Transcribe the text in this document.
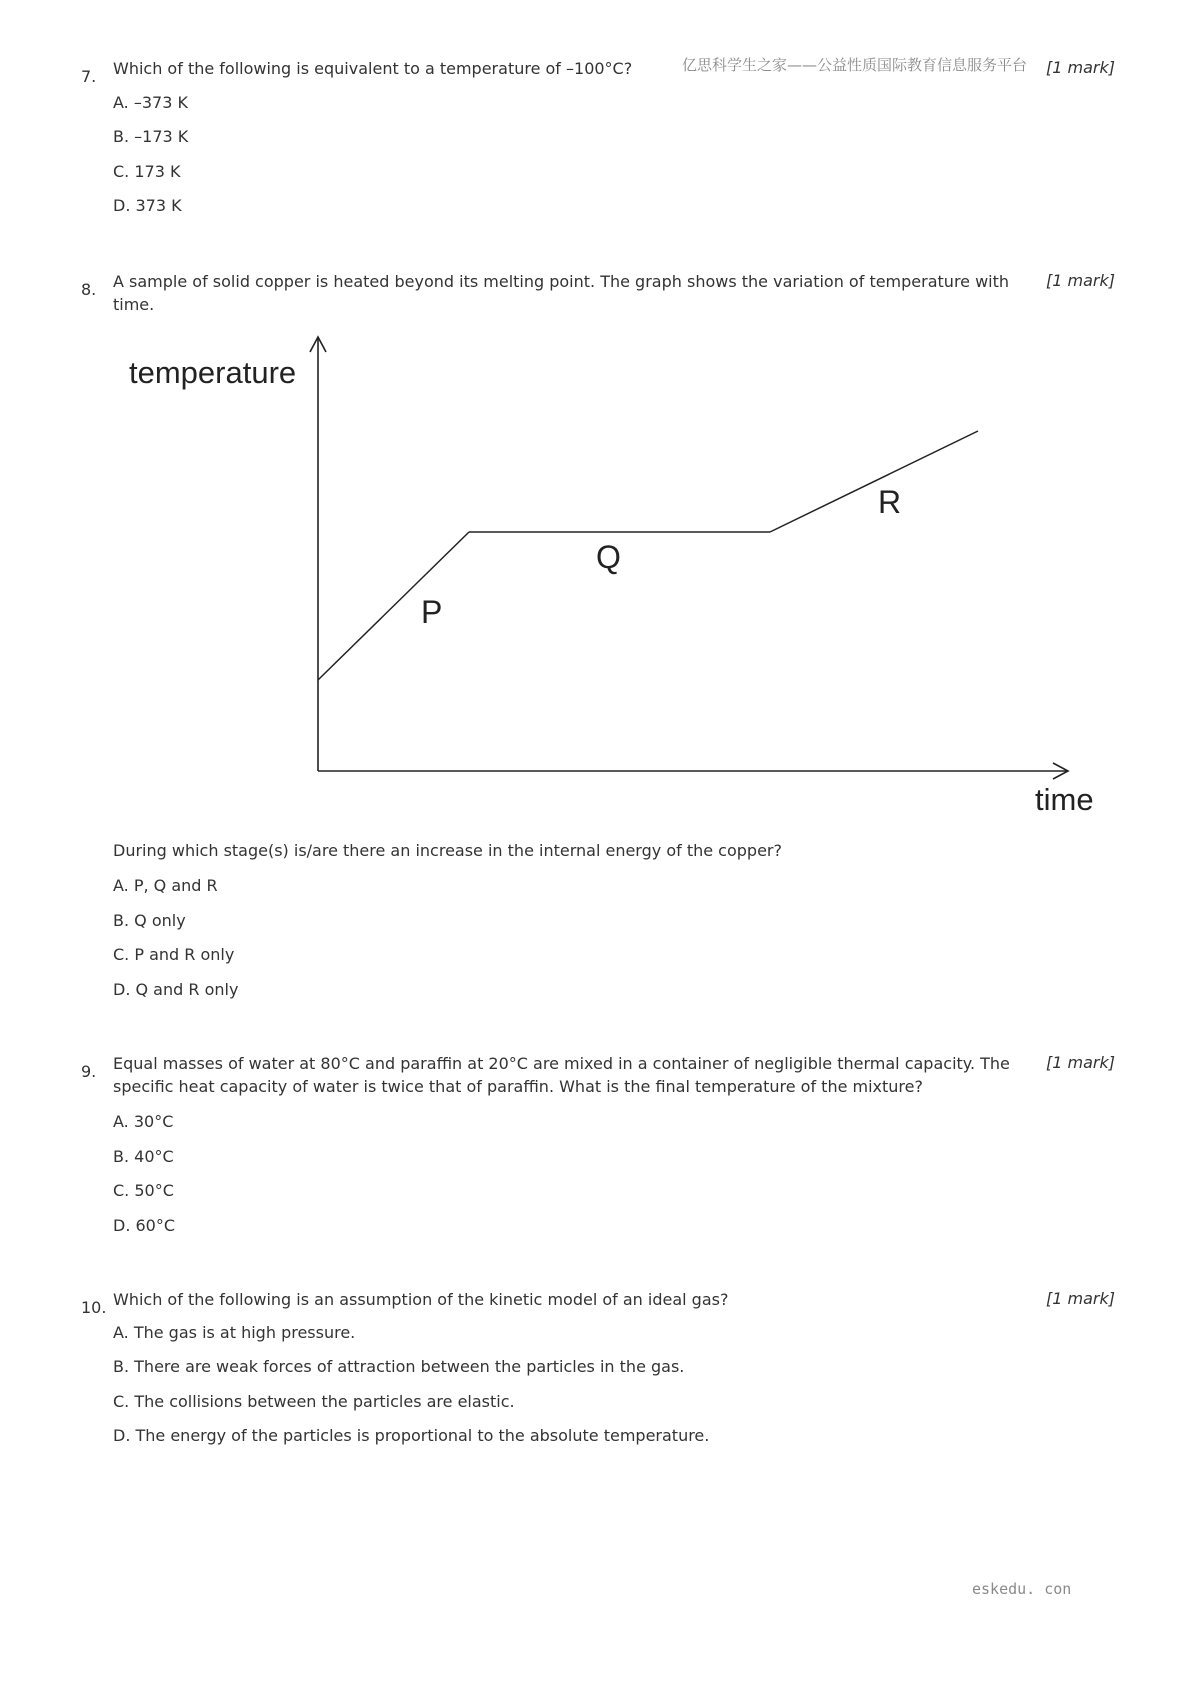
亿思科学生之家——公益性质国际教育信息服务平台
7. Which of the following is equivalent to a temperature of –100°C?	[1 mark]
A. –373 K
B. –173 K
C. 173 K
D. 373 K
8. A sample of solid copper is heated beyond its melting point. The graph shows the variation of temperature with time.
[1 mark]
temperature
time
P
Q
R
During which stage(s) is/are there an increase in the internal energy of the copper?
A. P, Q and R
B. Q only
C. P and R only
D. Q and R only
9. Equal masses of water at 80°C and paraffin at 20°C are mixed in a container of negligible thermal capacity. The specific heat capacity of water is twice that of paraffin. What is the final temperature of the mixture?
[1 mark]
A. 30°C
B. 40°C
C. 50°C
D. 60°C
10. Which of the following is an assumption of the kinetic model of an ideal gas?	[1 mark]
A. The gas is at high pressure.
B. There are weak forces of attraction between the particles in the gas.
C. The collisions between the particles are elastic.
D. The energy of the particles is proportional to the absolute temperature.
eskedu. con
